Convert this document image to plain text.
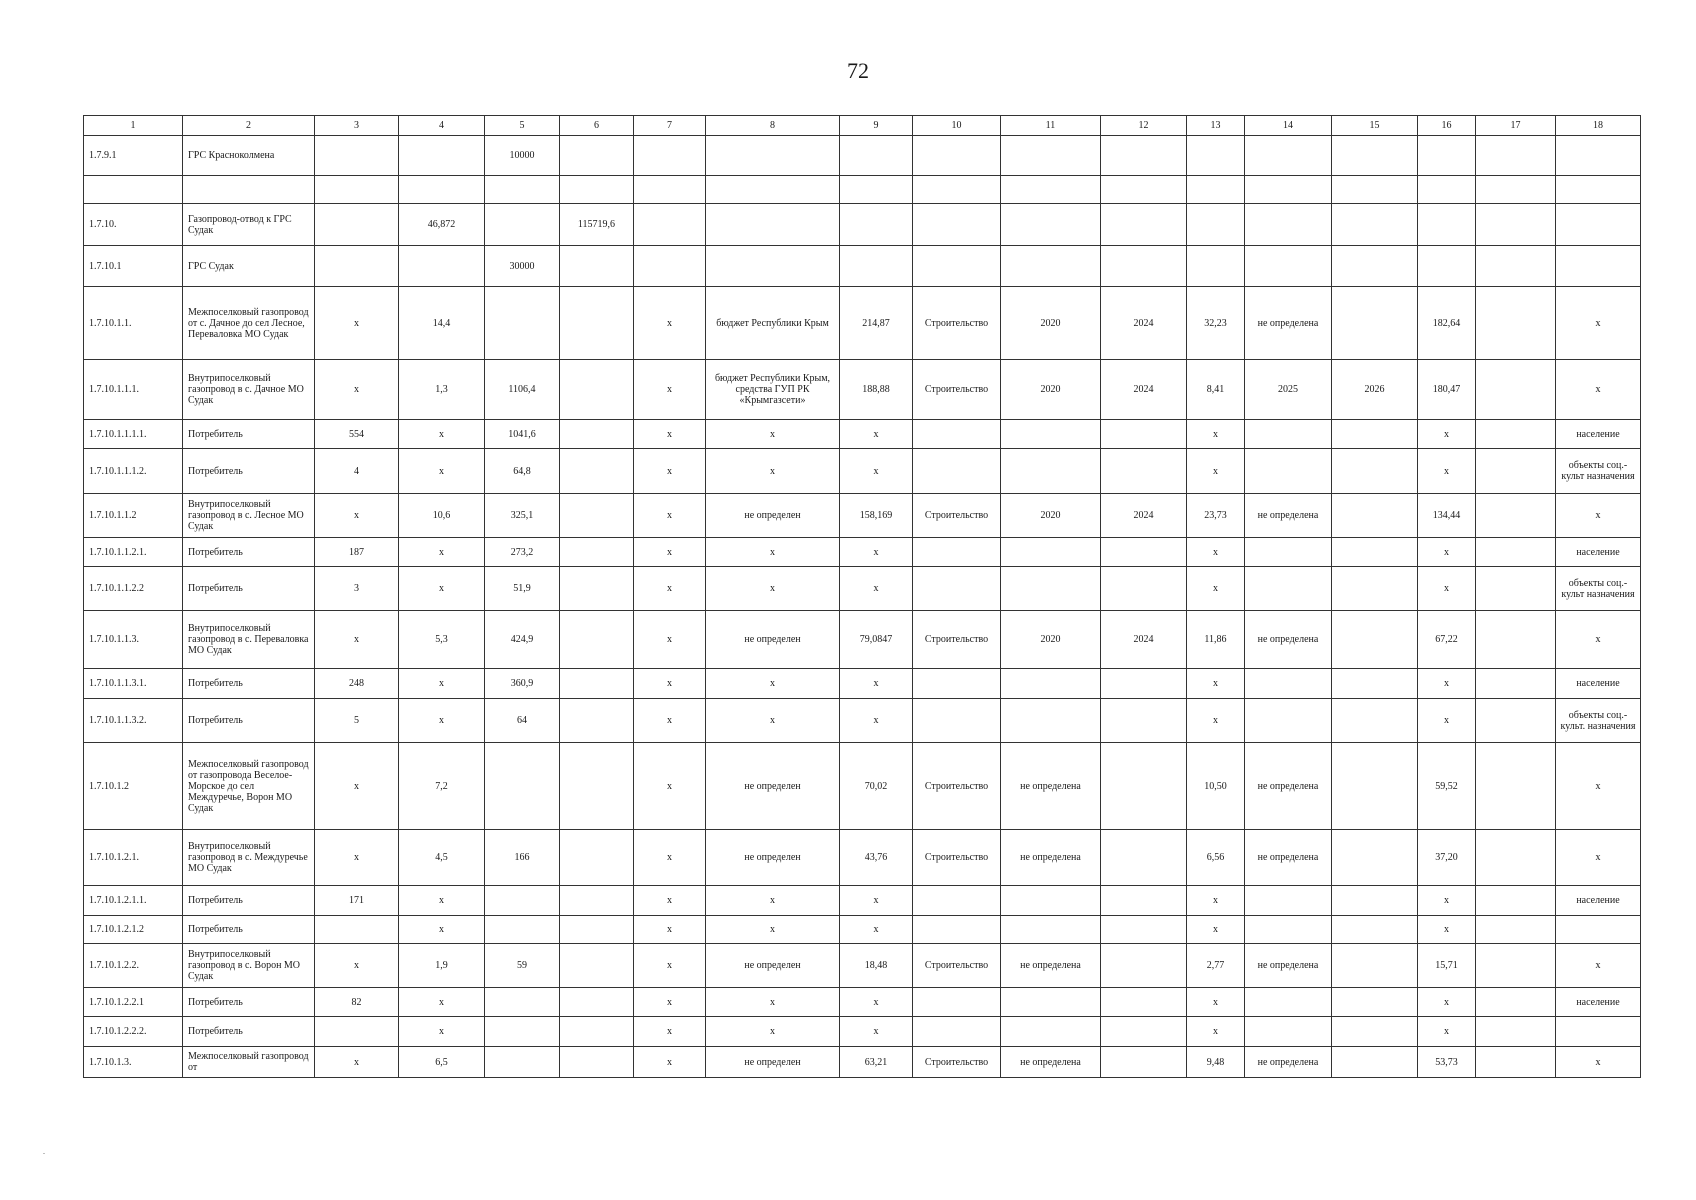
72
1	2	3	4	5	6	7	8	9	10	11	12	13	14	15	16	17	18
1.7.9.1	ГРС Красноколмена			10000													

1.7.10.	Газопровод-отвод к ГРС Судак		46,872		115719,6												
1.7.10.1	ГРС Судак			30000													
1.7.10.1.1.	Межпоселковый газопровод от с. Дачное до сел Лесное, Переваловка МО Судак	x	14,4			x	бюджет Республики Крым	214,87	Строительство	2020	2024	32,23	не определена		182,64		x
1.7.10.1.1.1.	Внутрипоселковый газопровод в с. Дачное МО Судак	x	1,3	1106,4		x	бюджет Республики Крым, средства ГУП РК «Крымгазсети»	188,88	Строительство	2020	2024	8,41	2025	2026	180,47		x
1.7.10.1.1.1.1.	Потребитель	554	x	1041,6		x	x	x				x			x		население
1.7.10.1.1.1.2.	Потребитель	4	x	64,8		x	x	x				x			x		объекты соц.-культ назначения
1.7.10.1.1.2	Внутрипоселковый газопровод в с. Лесное МО Судак	x	10,6	325,1		x	не определен	158,169	Строительство	2020	2024	23,73	не определена		134,44		x
1.7.10.1.1.2.1.	Потребитель	187	x	273,2		x	x	x				x			x		население
1.7.10.1.1.2.2	Потребитель	3	x	51,9		x	x	x				x			x		объекты соц.-культ назначения
1.7.10.1.1.3.	Внутрипоселковый газопровод в с. Переваловка МО Судак	x	5,3	424,9		x	не определен	79,0847	Строительство	2020	2024	11,86	не определена		67,22		x
1.7.10.1.1.3.1.	Потребитель	248	x	360,9		x	x	x				x			x		население
1.7.10.1.1.3.2.	Потребитель	5	x	64		x	x	x				x			x		объекты соц.-культ. назначения
1.7.10.1.2	Межпоселковый газопровод от газопровода Веселое-Морское до сел Междуречье, Ворон МО Судак	x	7,2			x	не определен	70,02	Строительство	не определена		10,50	не определена		59,52		x
1.7.10.1.2.1.	Внутрипоселковый газопровод в с. Междуречье МО Судак	x	4,5	166		x	не определен	43,76	Строительство	не определена		6,56	не определена		37,20		x
1.7.10.1.2.1.1.	Потребитель	171	x			x	x	x				x			x		население
1.7.10.1.2.1.2	Потребитель		x			x	x	x				x			x		
1.7.10.1.2.2.	Внутрипоселковый газопровод в с. Ворон МО Судак	x	1,9	59		x	не определен	18,48	Строительство	не определена		2,77	не определена		15,71		x
1.7.10.1.2.2.1	Потребитель	82	x			x	x	x				x			x		население
1.7.10.1.2.2.2.	Потребитель		x			x	x	x				x			x		
1.7.10.1.3.	Межпоселковый газопровод от	x	6,5			x	не определен	63,21	Строительство	не определена		9,48	не определена		53,73		x
.
